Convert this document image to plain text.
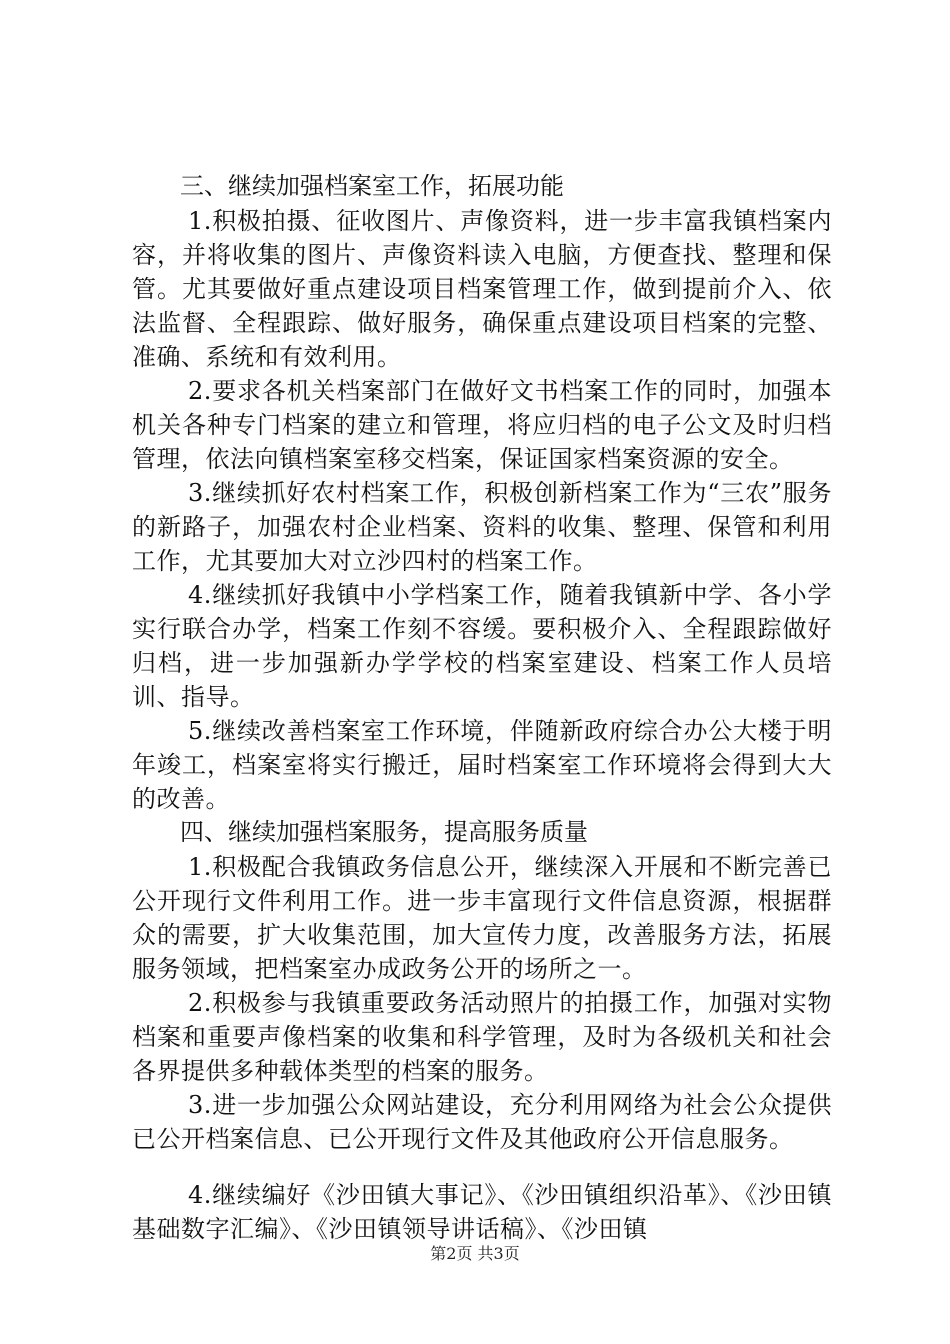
三、继续加强档案室工作，拓展功能
1.积极拍摄、征收图片、声像资料，进一步丰富我镇档案内容，并将收集的图片、声像资料读入电脑，方便查找、整理和保管。尤其要做好重点建设项目档案管理工作，做到提前介入、依法监督、全程跟踪、做好服务，确保重点建设项目档案的完整、准确、系统和有效利用。
2.要求各机关档案部门在做好文书档案工作的同时，加强本机关各种专门档案的建立和管理，将应归档的电子公文及时归档管理，依法向镇档案室移交档案，保证国家档案资源的安全。
3.继续抓好农村档案工作，积极创新档案工作为“三农”服务的新路子，加强农村企业档案、资料的收集、整理、保管和利用工作，尤其要加大对立沙四村的档案工作。
4.继续抓好我镇中小学档案工作，随着我镇新中学、各小学实行联合办学，档案工作刻不容缓。要积极介入、全程跟踪做好归档，进一步加强新办学学校的档案室建设、档案工作人员培训、指导。
5.继续改善档案室工作环境，伴随新政府综合办公大楼于明年竣工，档案室将实行搬迁，届时档案室工作环境将会得到大大的改善。
四、继续加强档案服务，提高服务质量
1.积极配合我镇政务信息公开，继续深入开展和不断完善已公开现行文件利用工作。进一步丰富现行文件信息资源，根据群众的需要，扩大收集范围，加大宣传力度，改善服务方法，拓展服务领域，把档案室办成政务公开的场所之一。
2.积极参与我镇重要政务活动照片的拍摄工作，加强对实物档案和重要声像档案的收集和科学管理，及时为各级机关和社会各界提供多种载体类型的档案的服务。
3.进一步加强公众网站建设，充分利用网络为社会公众提供已公开档案信息、已公开现行文件及其他政府公开信息服务。
4.继续编好《沙田镇大事记》、《沙田镇组织沿革》、《沙田镇基础数字汇编》、《沙田镇领导讲话稿》、《沙田镇
第2页 共3页
